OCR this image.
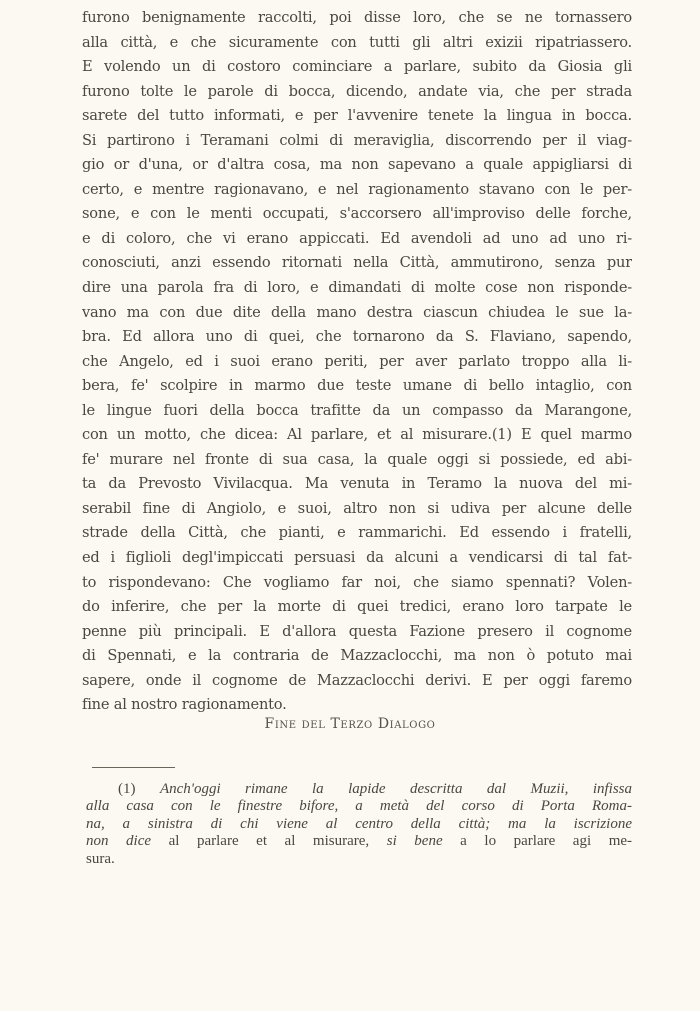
furono benignamente raccolti, poi disse loro, che se ne tornassero
alla città, e che sicuramente con tutti gli altri exizii ripatriassero.
E volendo un di costoro cominciare a parlare, subito da Giosia gli
furono tolte le parole di bocca, dicendo, andate via, che per strada
sarete del tutto informati, e per l'avvenire tenete la lingua in bocca.
Si partirono i Teramani colmi di meraviglia, discorrendo per il viag-
gio or d'una, or d'altra cosa, ma non sapevano a quale appigliarsi di
certo, e mentre ragionavano, e nel ragionamento stavano con le per-
sone, e con le menti occupati, s'accorsero all'improviso delle forche,
e di coloro, che vi erano appiccati. Ed avendoli ad uno ad uno ri-
conosciuti, anzi essendo ritornati nella Città, ammutirono, senza pur
dire una parola fra di loro, e dimandati di molte cose non risponde-
vano ma con due dite della mano destra ciascun chiudea le sue la-
bra. Ed allora uno di quei, che tornarono da S. Flaviano, sapendo,
che Angelo, ed i suoi erano periti, per aver parlato troppo alla li-
bera, fe' scolpire in marmo due teste umane di bello intaglio, con
le lingue fuori della bocca trafitte da un compasso da Marangone,
con un motto, che dicea: Al parlare, et al misurare.(1) E quel marmo
fe' murare nel fronte di sua casa, la quale oggi si possiede, ed abi-
ta da Prevosto Vivilacqua. Ma venuta in Teramo la nuova del mi-
serabil fine di Angiolo, e suoi, altro non si udiva per alcune delle
strade della Città, che pianti, e rammarichi. Ed essendo i fratelli,
ed i figlioli degl'impiccati persuasi da alcuni a vendicarsi di tal fat-
to rispondevano: Che vogliamo far noi, che siamo spennati? Volen-
do inferire, che per la morte di quei tredici, erano loro tarpate le
penne più principali. E d'allora questa Fazione presero il cognome
di Spennati, e la contraria de Mazzaclocchi, ma non ò potuto mai
sapere, onde il cognome de Mazzaclocchi derivi. E per oggi faremo
fine al nostro ragionamento.
Fine del Terzo Dialogo
(1) Anch'oggi rimane la lapide descritta dal Muzii, infissa
alla casa con le finestre bifore, a metà del corso di Porta Roma-
na, a sinistra di chi viene al centro della città; ma la iscrizione
non dice al parlare et al misurare, si bene a lo parlare agi me-
sura.
